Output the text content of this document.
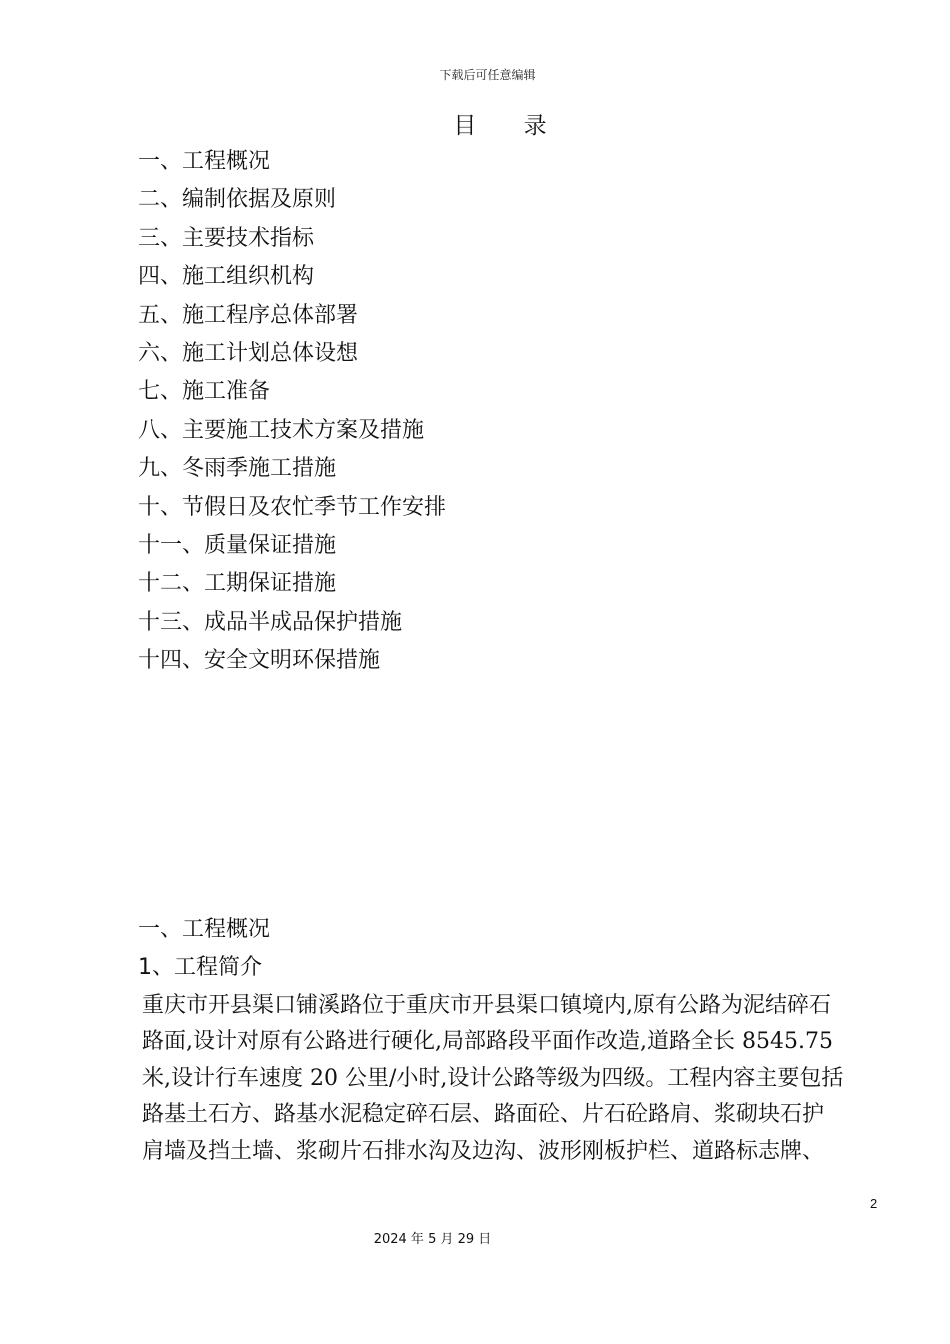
下载后可任意编辑
目 录
一、工程概况
二、编制依据及原则
三、主要技术指标
四、施工组织机构
五、施工程序总体部署
六、施工计划总体设想
七、施工准备
八、主要施工技术方案及措施
九、冬雨季施工措施
十、节假日及农忙季节工作安排
十一、质量保证措施
十二、工期保证措施
十三、成品半成品保护措施
十四、安全文明环保措施
一、工程概况
1、工程简介
重庆市开县渠口铺溪路位于重庆市开县渠口镇境内,原有公路为泥结碎石
路面,设计对原有公路进行硬化,局部路段平面作改造,道路全长 8545.75
米,设计行车速度 20 公里/小时,设计公路等级为四级。工程内容主要包括
路基土石方、路基水泥稳定碎石层、路面砼、片石砼路肩、浆砌块石护
肩墙及挡土墙、浆砌片石排水沟及边沟、波形刚板护栏、道路标志牌、
2
2024 年 5 月 29 日
